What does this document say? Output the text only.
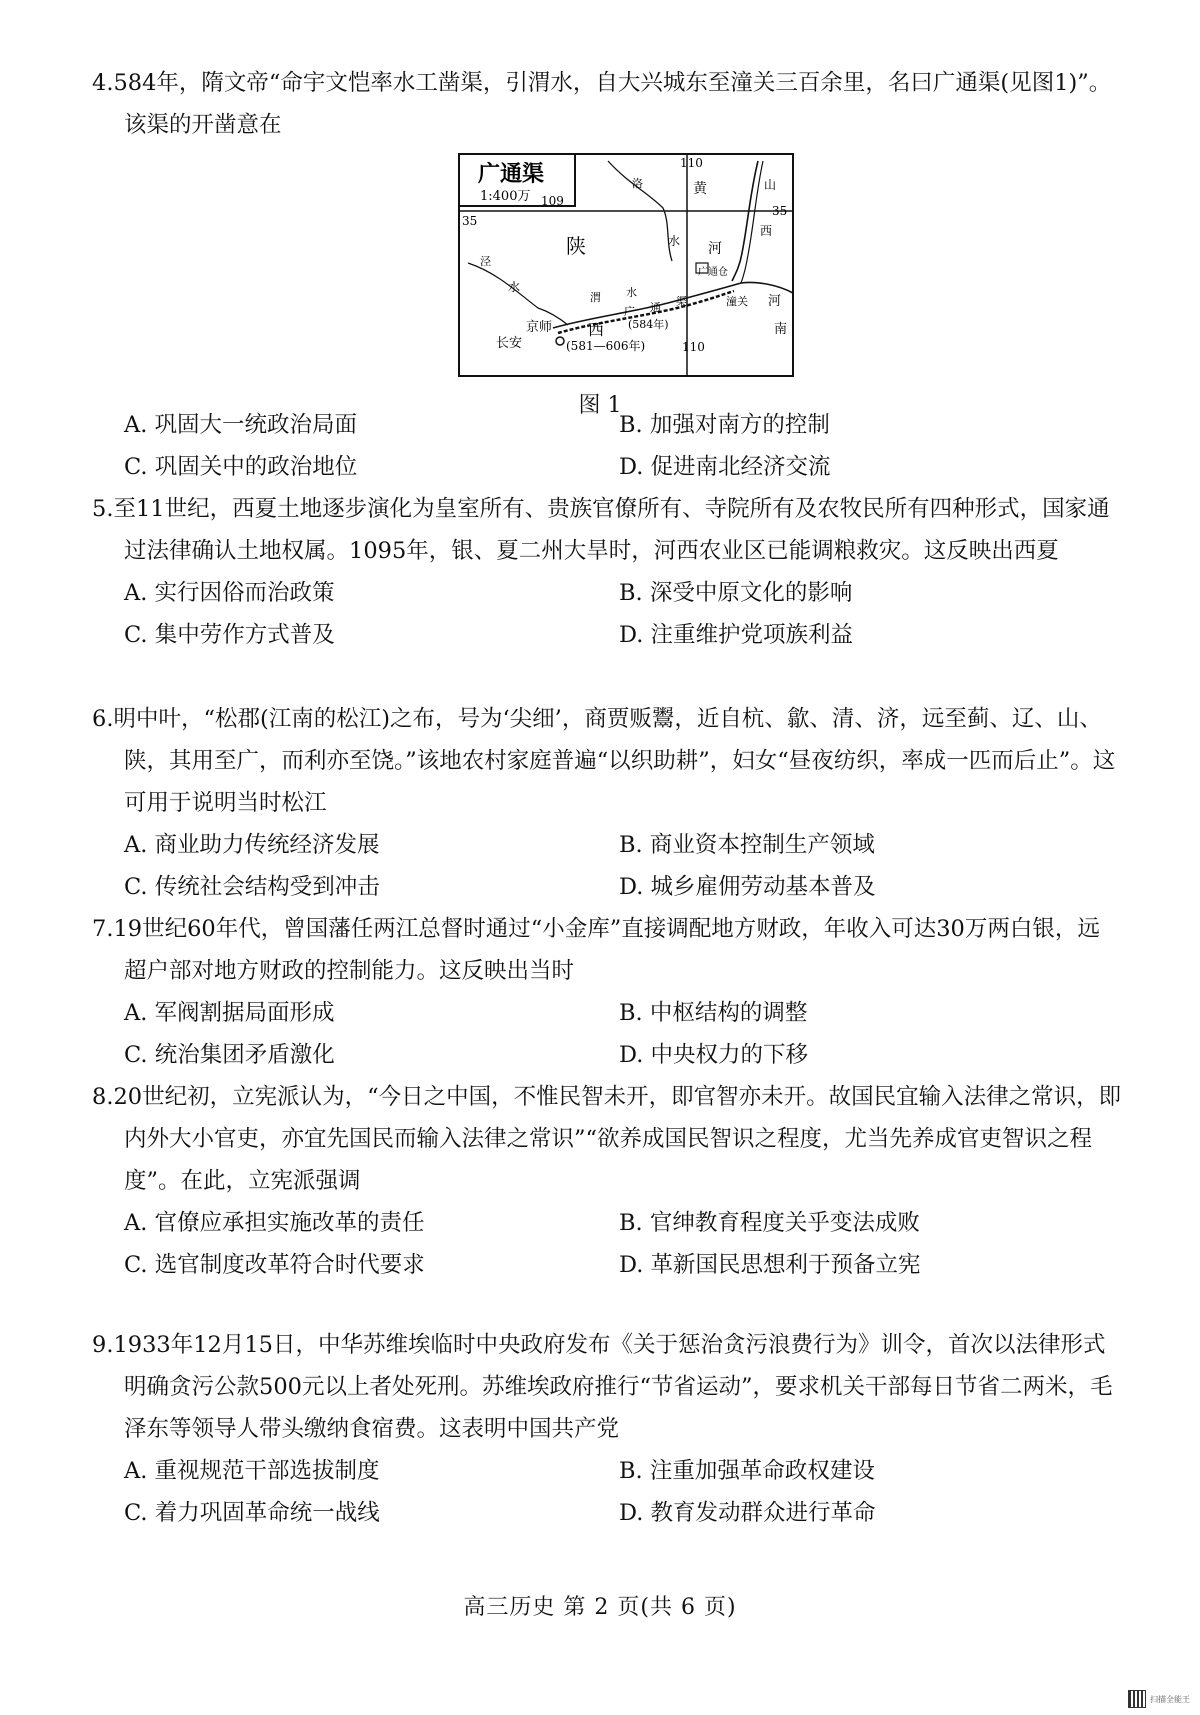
4.584年，隋文帝“命宇文恺率水工凿渠，引渭水，自大兴城东至潼关三百余里，名曰广通渠(见图1)”。该渠的开凿意在
广通渠
1:400万
110
110
109
35
35
洛	黄	山
西
水 河
陕
泾
水
渭 水
广通仓
西
广 通 渠
(584年)
潼关 河
南
京师
长安	(581—606年)
图 1
A. 巩固大一统政治局面	B. 加强对南方的控制
C. 巩固关中的政治地位	D. 促进南北经济交流
5.至11世纪，西夏土地逐步演化为皇室所有、贵族官僚所有、寺院所有及农牧民所有四种形式，国家通过法律确认土地权属。1095年，银、夏二州大旱时，河西农业区已能调粮救灾。这反映出西夏
A. 实行因俗而治政策	B. 深受中原文化的影响
C. 集中劳作方式普及	D. 注重维护党项族利益
6.明中叶，“松郡(江南的松江)之布，号为‘尖细’，商贾贩鬻，近自杭、歙、清、济，远至蓟、辽、山、陕，其用至广，而利亦至饶。”该地农村家庭普遍“以织助耕”，妇女“昼夜纺织，率成一匹而后止”。这可用于说明当时松江
A. 商业助力传统经济发展	B. 商业资本控制生产领域
C. 传统社会结构受到冲击	D. 城乡雇佣劳动基本普及
7.19世纪60年代，曾国藩任两江总督时通过“小金库”直接调配地方财政，年收入可达30万两白银，远超户部对地方财政的控制能力。这反映出当时
A. 军阀割据局面形成	B. 中枢结构的调整
C. 统治集团矛盾激化	D. 中央权力的下移
8.20世纪初，立宪派认为，“今日之中国，不惟民智未开，即官智亦未开。故国民宜输入法律之常识，即内外大小官吏，亦宜先国民而输入法律之常识”“欲养成国民智识之程度，尤当先养成官吏智识之程度”。在此，立宪派强调
A. 官僚应承担实施改革的责任	B. 官绅教育程度关乎变法成败
C. 选官制度改革符合时代要求	D. 革新国民思想利于预备立宪
9.1933年12月15日，中华苏维埃临时中央政府发布《关于惩治贪污浪费行为》训令，首次以法律形式明确贪污公款500元以上者处死刑。苏维埃政府推行“节省运动”，要求机关干部每日节省二两米，毛泽东等领导人带头缴纳食宿费。这表明中国共产党
A. 重视规范干部选拔制度	B. 注重加强革命政权建设
C. 着力巩固革命统一战线	D. 教育发动群众进行革命
高三历史 第 2 页(共 6 页)
扫描全能王
